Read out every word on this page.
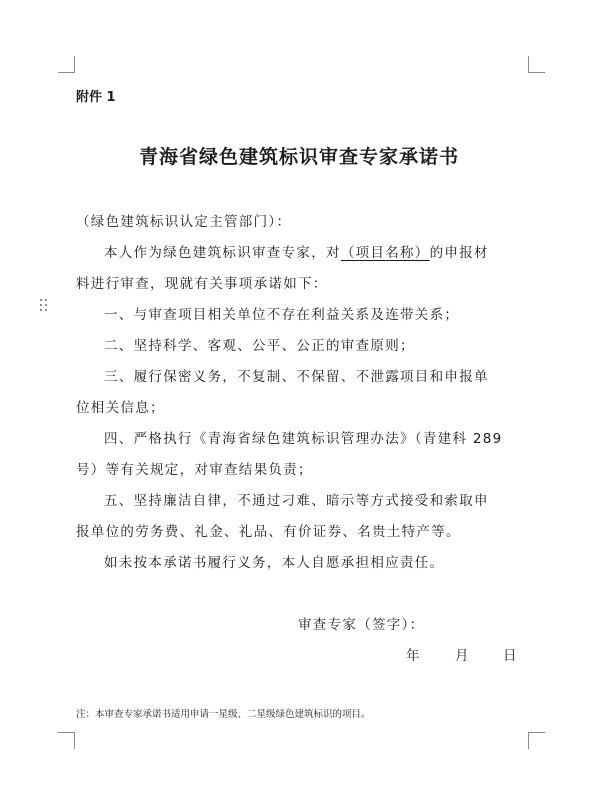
附件 1
青海省绿色建筑标识审查专家承诺书
（绿色建筑标识认定主管部门）：
本人作为绿色建筑标识审查专家，对（项目名称）的申报材
料进行审查，现就有关事项承诺如下：
一、与审查项目相关单位不存在利益关系及连带关系；
二、坚持科学、客观、公平、公正的审查原则；
三、履行保密义务，不复制、不保留、不泄露项目和申报单
位相关信息；
四、严格执行《青海省绿色建筑标识管理办法》（青建科 289
号）等有关规定，对审查结果负责；
五、坚持廉洁自律，不通过刁难、暗示等方式接受和索取申
报单位的劳务费、礼金、礼品、有价证券、名贵土特产等。
如未按本承诺书履行义务，本人自愿承担相应责任。
审查专家（签字）：
年	月 日
注：本审查专家承诺书适用申请一星级、二星级绿色建筑标识的项目。
